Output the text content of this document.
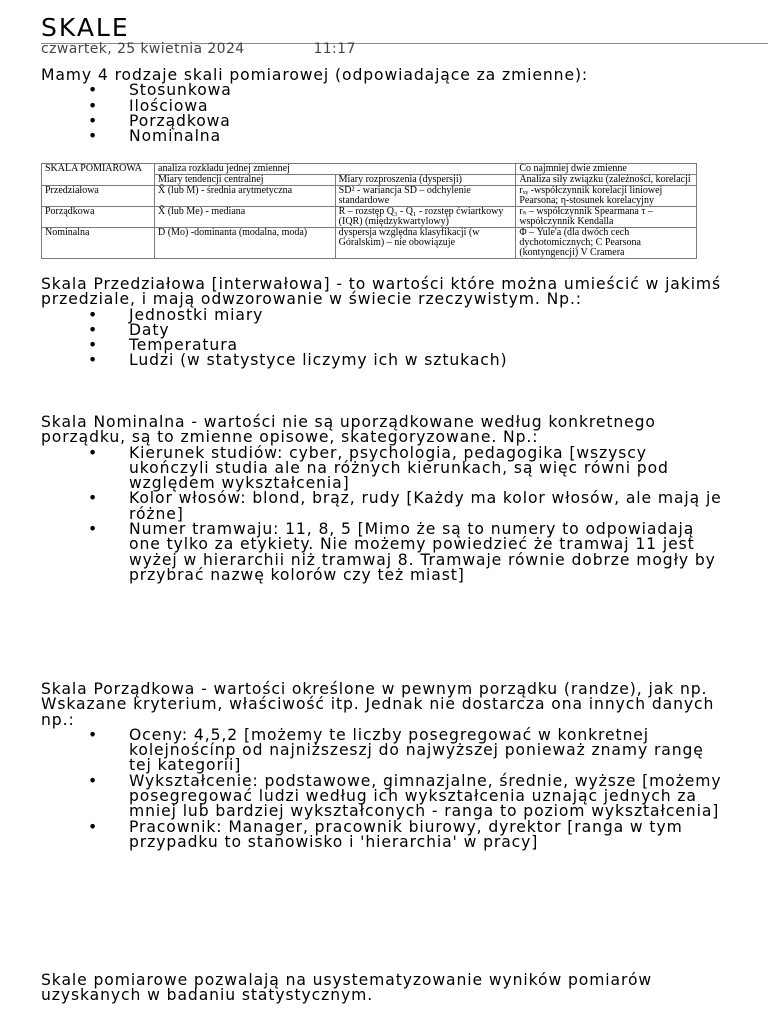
SKALE
czwartek, 25 kwietnia 2024	11:17

Mamy 4 rodzaje skali pomiarowej (odpowiadające za zmienne):

• Stosunkowa
• Ilościowa
• Porządkowa
• Nominalna
SKALA POMIAROWA	analiza rozkładu jednej zmiennej		Co najmniej dwie zmienne
	Miary tendencji centralnej	Miary rozproszenia (dyspersji)	Analiza siły związku (zależności, korelacji
Przedziałowa	X̄ (lub M) - średnia arytmetyczna	SD² - wariancja SD – odchylenie standardowe	rₓᵧ -współczynnik korelacji liniowej Pearsona; η-stosunek korelacyjny
Porządkowa	X̃ (lub Me) - mediana	R – rozstęp Q₃ - Q₁ - rozstęp ćwiartkowy (IQR) (międzykwartylowy)	rₛ – współczynnik Spearmana τ – współczynnik Kendalla
Nominalna	D (Mo) -dominanta (modalna, moda)	dyspersja względna klasyfikacji (w Góralskim) – nie obowiązuje	Φ – Yule'a (dla dwóch cech dychotomicznych; C Pearsona (kontyngencji) V Cramera

Skala Przedziałowa [interwałowa] - to wartości które można umieścić w jakimś przedziale, i mają odwzorowanie w świecie rzeczywistym. Np.:

• Jednostki miary
• Daty
• Temperatura
• Ludzi (w statystyce liczymy ich w sztukach)

Skala Nominalna - wartości nie są uporządkowane według konkretnego porządku, są to zmienne opisowe, skategoryzowane. Np.:

• Kierunek studiów: cyber, psychologia, pedagogika [wszyscy ukończyli studia ale na różnych kierunkach, są więc równi pod względem wykształcenia]
• Kolor włosów: blond, brąz, rudy [Każdy ma kolor włosów, ale mają je różne]
• Numer tramwaju: 11, 8, 5 [Mimo że są to numery to odpowiadają one tylko za etykiety. Nie możemy powiedzieć że tramwaj 11 jest wyżej w hierarchii niż tramwaj 8. Tramwaje równie dobrze mogły by przybrać nazwę kolorów czy też miast]

Skala Porządkowa - wartości określone w pewnym porządku (randze), jak np. Wskazane kryterium, właściwość itp. Jednak nie dostarcza ona innych danych np.:

• Oceny: 4,5,2 [możemy te liczby posegregować w konkretnej kolejnoścínp od najniższeszj do najwyższej ponieważ znamy rangę tej kategorii]
• Wykształcenie: podstawowe, gimnazjalne, średnie, wyższe [możemy posegregować ludzi według ich wykształcenia uznając jednych za mniej lub bardziej wykształconych - ranga to poziom wykształcenia]
• Pracownik: Manager, pracownik biurowy, dyrektor [ranga w tym przypadku to stanowisko i 'hierarchia' w pracy]

Skale pomiarowe pozwalają na usystematyzowanie wyników pomiarów uzyskanych w badaniu statystycznym.
